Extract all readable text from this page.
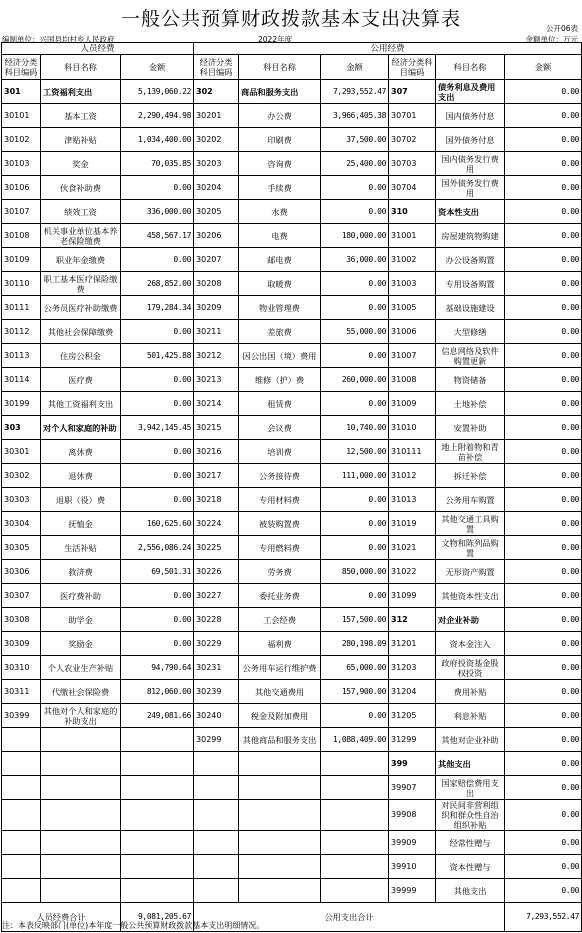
一般公共预算财政拨款基本支出决算表	公开06表
编制单位：兴国县均村乡人民政府	2022年度	金额单位：万元
人员经费			公用经费					
经济分类科目编码	科目名称	金额	经济分类科目编码	科目名称	金额	经济分类科目编码	科目名称	金额
301	工资福利支出	5,139,060.22	302	商品和服务支出	7,293,552.47	307	债务利息及费用支出	0.00
30101	基本工资	2,290,494.98	30201	办公费	3,966,405.38	30701	国内债务付息	0.00
30102	津贴补贴	1,034,400.00	30202	印刷费	37,500.00	30702	国外债务付息	0.00
30103	奖金	70,035.85	30203	咨询费	25,400.00	30703	国内债务发行费用	0.00
30106	伙食补助费	0.00	30204	手续费	0.00	30704	国外债务发行费用	0.00
30107	绩效工资	336,000.00	30205	水费	0.00	310	资本性支出	0.00
30108	机关事业单位基本养老保险缴费	458,567.17	30206	电费	180,000.00	31001	房屋建筑物购建	0.00
30109	职业年金缴费	0.00	30207	邮电费	36,000.00	31002	办公设备购置	0.00
30110	职工基本医疗保险缴费	268,852.00	30208	取暖费	0.00	31003	专用设备购置	0.00
30111	公务员医疗补助缴费	179,284.34	30209	物业管理费	0.00	31005	基础设施建设	0.00
30112	其他社会保障缴费	0.00	30211	差旅费	55,000.00	31006	大型修缮	0.00
30113	住房公积金	501,425.88	30212	因公出国（境）费用	0.00	31007	信息网络及软件购置更新	0.00
30114	医疗费	0.00	30213	维修（护）费	260,000.00	31008	物资储备	0.00
30199	其他工资福利支出	0.00	30214	租赁费	0.00	31009	土地补偿	0.00
303	对个人和家庭的补助	3,942,145.45	30215	会议费	10,740.00	31010	安置补助	0.00
30301	离休费	0.00	30216	培训费	12,500.00	310111	地上附着物和青苗补偿	0.00
30302	退休费	0.00	30217	公务接待费	111,000.00	31012	拆迁补偿	0.00
30303	退职（役）费	0.00	30218	专用材料费	0.00	31013	公务用车购置	0.00
30304	抚恤金	160,625.60	30224	被装购置费	0.00	31019	其他交通工具购置	0.00
30305	生活补贴	2,556,086.24	30225	专用燃料费	0.00	31021	文物和陈列品购置	0.00
30306	救济费	69,501.31	30226	劳务费	850,000.00	31022	无形资产购置	0.00
30307	医疗费补助	0.00	30227	委托业务费	0.00	31099	其他资本性支出	0.00
30308	助学金	0.00	30228	工会经费	157,500.00	312	对企业补助	0.00
30309	奖励金	0.00	30229	福利费	280,198.09	31201	资本金注入	0.00
30310	个人农业生产补贴	94,790.64	30231	公务用车运行维护费	65,000.00	31203	政府投资基金股权投资	0.00
30311	代缴社会保险费	812,060.00	30239	其他交通费用	157,900.00	31204	费用补贴	0.00
30399	其他对个人和家庭的补助支出	249,081.66	30240	税金及附加费用	0.00	31205	利息补贴	0.00
			30299	其他商品和服务支出	1,088,409.00	31299	其他对企业补助	0.00
						399	其他支出	0.00
						39907	国家赔偿费用支出	0.00
						39908	对民间非营利组织和群众性自治组织补贴	0.00
						39909	经常性赠与	0.00
						39910	资本性赠与	0.00
						39999	其他支出	0.00
人员经费合计		9,081,205.67	公用支出合计					7,293,552.47
注：本表反映部门(单位)本年度一般公共预算财政拨款基本支出明细情况。
